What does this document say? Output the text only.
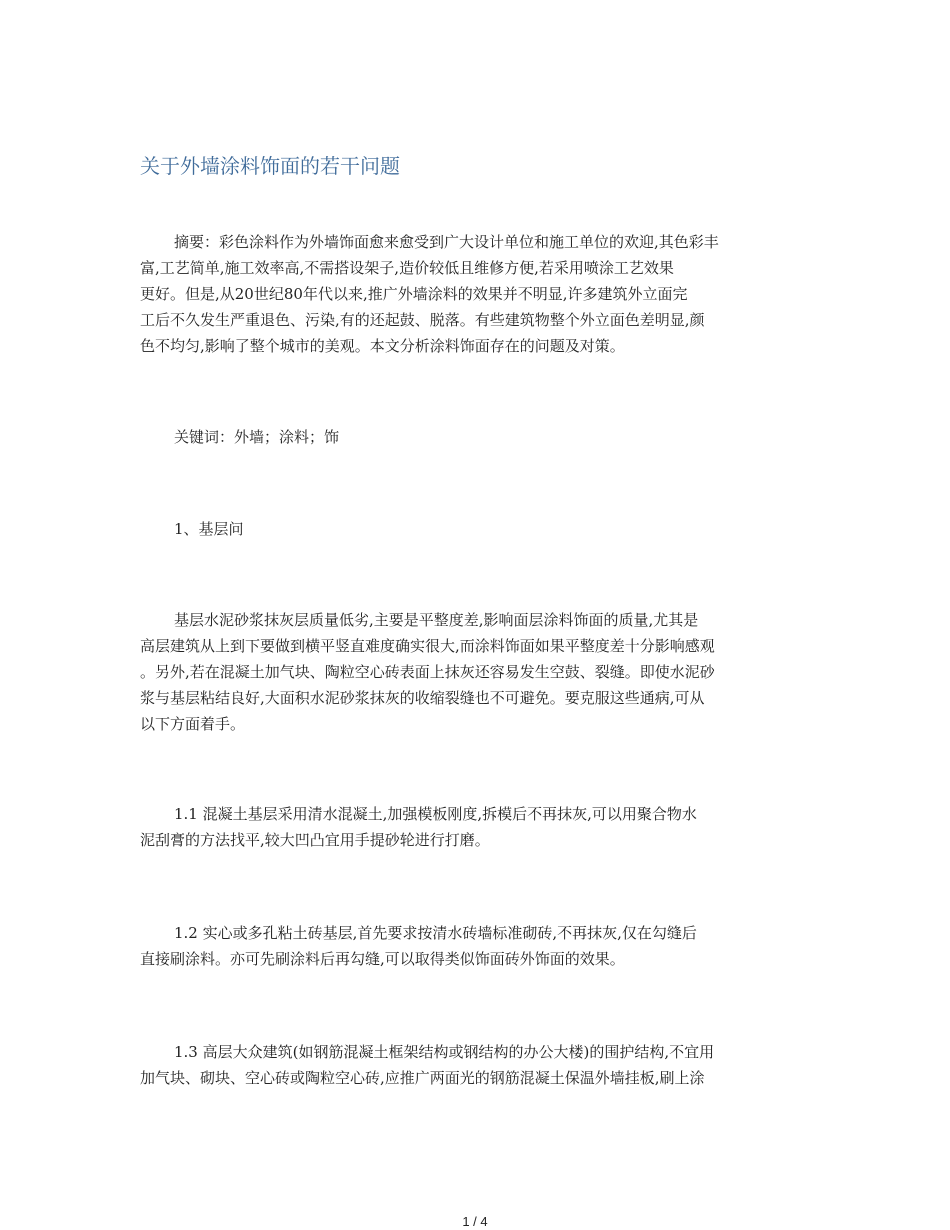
关于外墙涂料饰面的若干问题
摘要：彩色涂料作为外墙饰面愈来愈受到广大设计单位和施工单位的欢迎,其色彩丰
富,工艺简单,施工效率高,不需搭设架子,造价较低且维修方便,若采用喷涂工艺效果
更好。但是,从20世纪80年代以来,推广外墙涂料的效果并不明显,许多建筑外立面完
工后不久发生严重退色、污染,有的还起鼓、脱落。有些建筑物整个外立面色差明显,颜
色不均匀,影响了整个城市的美观。本文分析涂料饰面存在的问题及对策。
关键词：外墙；涂料；饰
1、基层问
基层水泥砂浆抹灰层质量低劣,主要是平整度差,影响面层涂料饰面的质量,尤其是
高层建筑从上到下要做到横平竖直难度确实很大,而涂料饰面如果平整度差十分影响感观
。另外,若在混凝土加气块、陶粒空心砖表面上抹灰还容易发生空鼓、裂缝。即使水泥砂
浆与基层粘结良好,大面积水泥砂浆抹灰的收缩裂缝也不可避免。要克服这些通病,可从
以下方面着手。
1.1 混凝土基层采用清水混凝土,加强模板刚度,拆模后不再抹灰,可以用聚合物水
泥刮膏的方法找平,较大凹凸宜用手提砂轮进行打磨。
1.2 实心或多孔粘土砖基层,首先要求按清水砖墙标准砌砖,不再抹灰,仅在勾缝后
直接刷涂料。亦可先刷涂料后再勾缝,可以取得类似饰面砖外饰面的效果。
1.3 高层大众建筑(如钢筋混凝土框架结构或钢结构的办公大楼)的围护结构,不宜用
加气块、砌块、空心砖或陶粒空心砖,应推广两面光的钢筋混凝土保温外墙挂板,刷上涂
1 / 4
